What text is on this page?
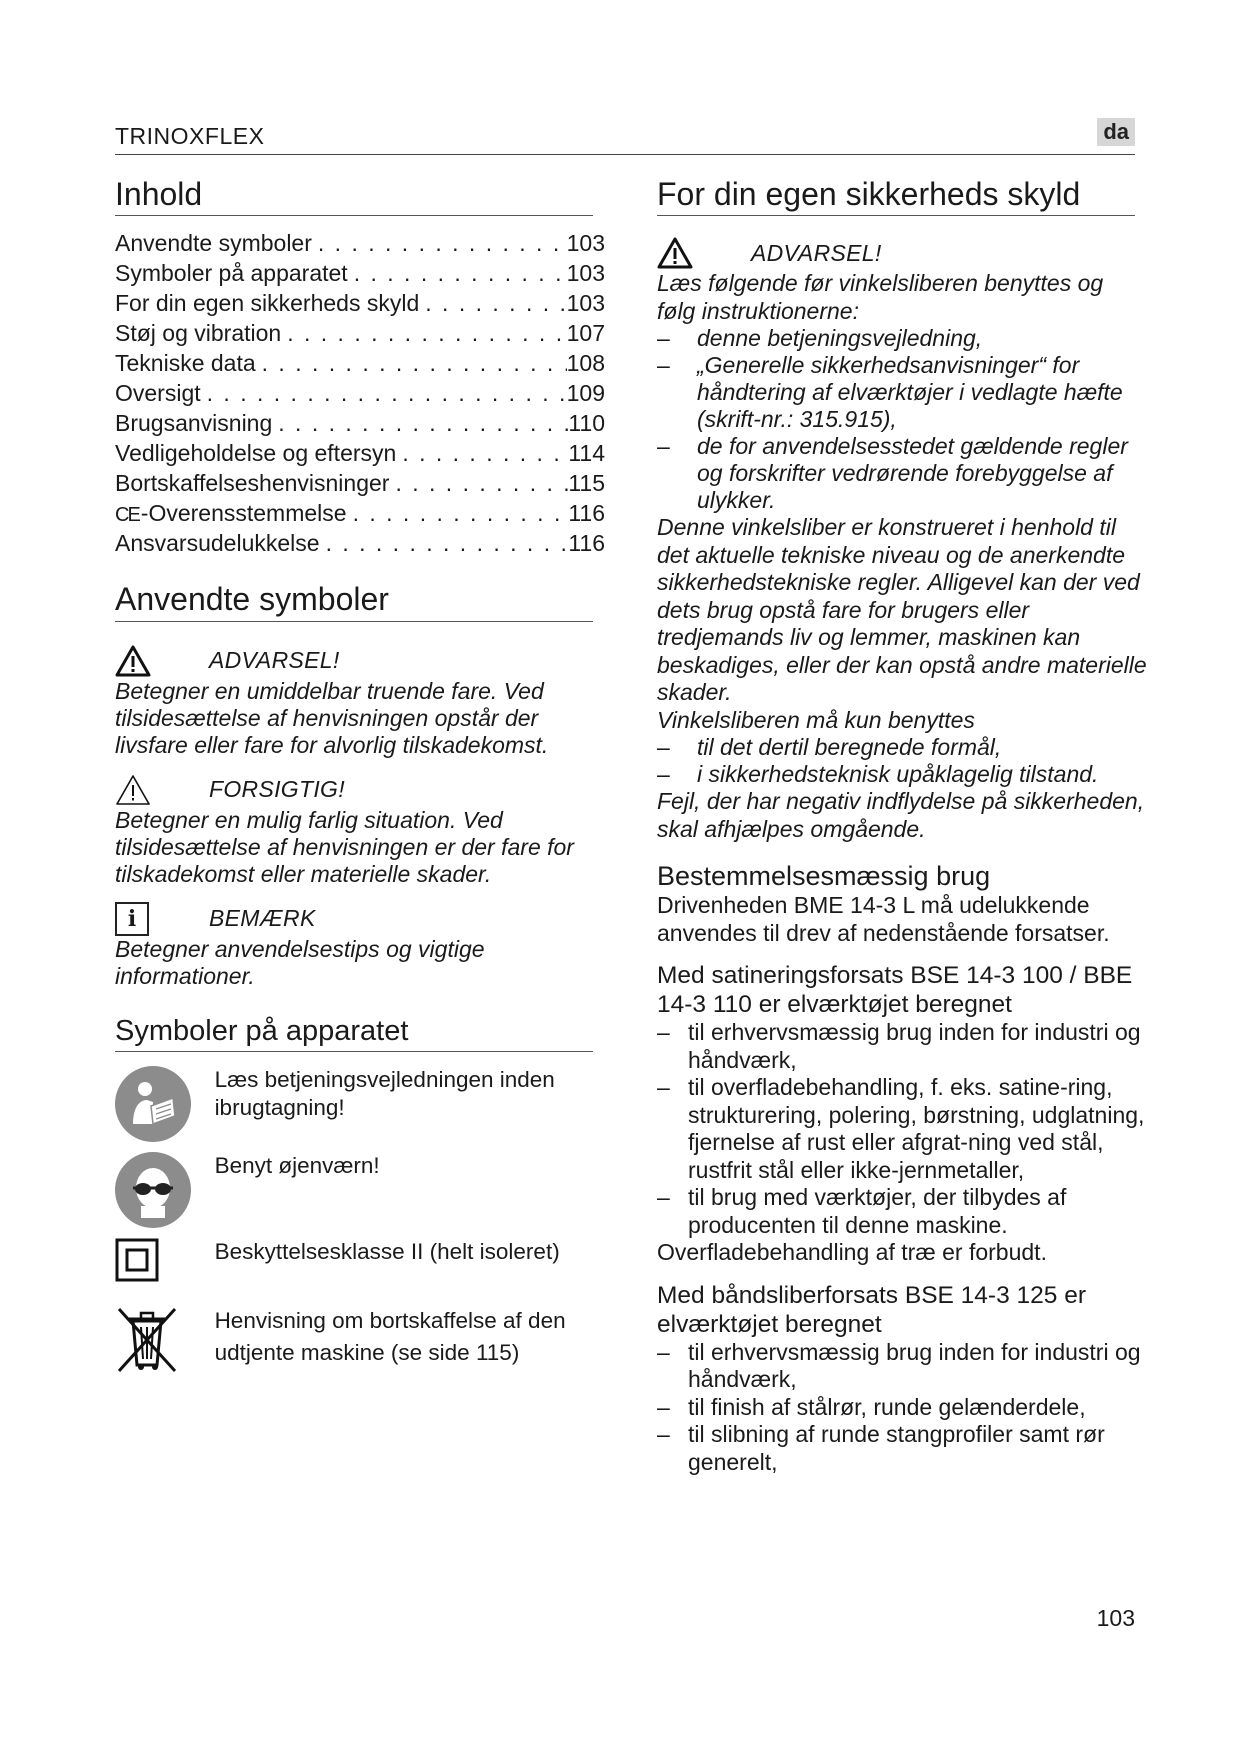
TRINOXFLEX	da
Inhold
Anvendte symboler . . .	103
Symboler på apparatet . . .	103
For din egen sikkerheds skyld . . .	103
Støj og vibration . . .	107
Tekniske data . . .	108
Oversigt . . .	109
Brugsanvisning . . .	110
Vedligeholdelse og eftersyn . . .	114
Bortskaffelseshenvisninger . . .	115
CE -Overensstemmelse . . .	116
Ansvarsudelukkelse . . .	116
Anvendte symboler
ADVARSEL!

Betegner en umiddelbar truende fare. Ved tilsidesættelse af henvisningen opstår der livsfare eller fare for alvorlig tilskadekomst.

FORSIGTIG!

Betegner en mulig farlig situation. Ved tilsidesættelse af henvisningen er der fare for tilskadekomst eller materielle skader.

i	BEMÆRK

Betegner anvendelsestips og vigtige informationer.

Symboler på apparatet
Læs betjeningsvejledningen inden ibrugtagning!
Benyt øjenværn!
Beskyttelsesklasse II (helt isoleret)
Henvisning om bortskaffelse af den udtjente maskine (se side 115)
For din egen sikkerheds skyld
ADVARSEL!

Læs følgende før vinkelsliberen benyttes og følg instruktionerne:

– denne betjeningsvejledning,
– „Generelle sikkerhedsanvisninger“ for håndtering af elværktøjer i vedlagte hæfte (skrift-nr.: 315.915),
– de for anvendelsesstedet gældende regler og forskrifter vedrørende forebyggelse af ulykker.

Denne vinkelsliber er konstrueret i henhold til det aktuelle tekniske niveau og de anerkendte sikkerhedstekniske regler. Alligevel kan der ved dets brug opstå fare for brugers eller tredjemands liv og lemmer, maskinen kan beskadiges, eller der kan opstå andre materielle skader.

Vinkelsliberen må kun benyttes

– til det dertil beregnede formål,
– i sikkerhedsteknisk upåklagelig tilstand.

Fejl, der har negativ indflydelse på sikkerheden, skal afhjælpes omgående.

Bestemmelsesmæssig brug

Drivenheden BME 14-3 L må udelukkende anvendes til drev af nedenstående forsatser.

Med satineringsforsats BSE 14-3 100 / BBE 14-3 110 er elværktøjet beregnet
– til erhvervsmæssig brug inden for industri og håndværk,
– til overfladebehandling, f. eks. satine-ring, strukturering, polering, børstning, udglatning, fjernelse af rust eller afgrat-ning ved stål, rustfrit stål eller ikke-jernmetaller,
– til brug med værktøjer, der tilbydes af producenten til denne maskine.

Overfladebehandling af træ er forbudt.

Med båndsliberforsats BSE 14-3 125 er elværktøjet beregnet
– til erhvervsmæssig brug inden for industri og håndværk,
– til finish af stålrør, runde gelænderdele,
– til slibning af runde stangprofiler samt rør generelt,
103
